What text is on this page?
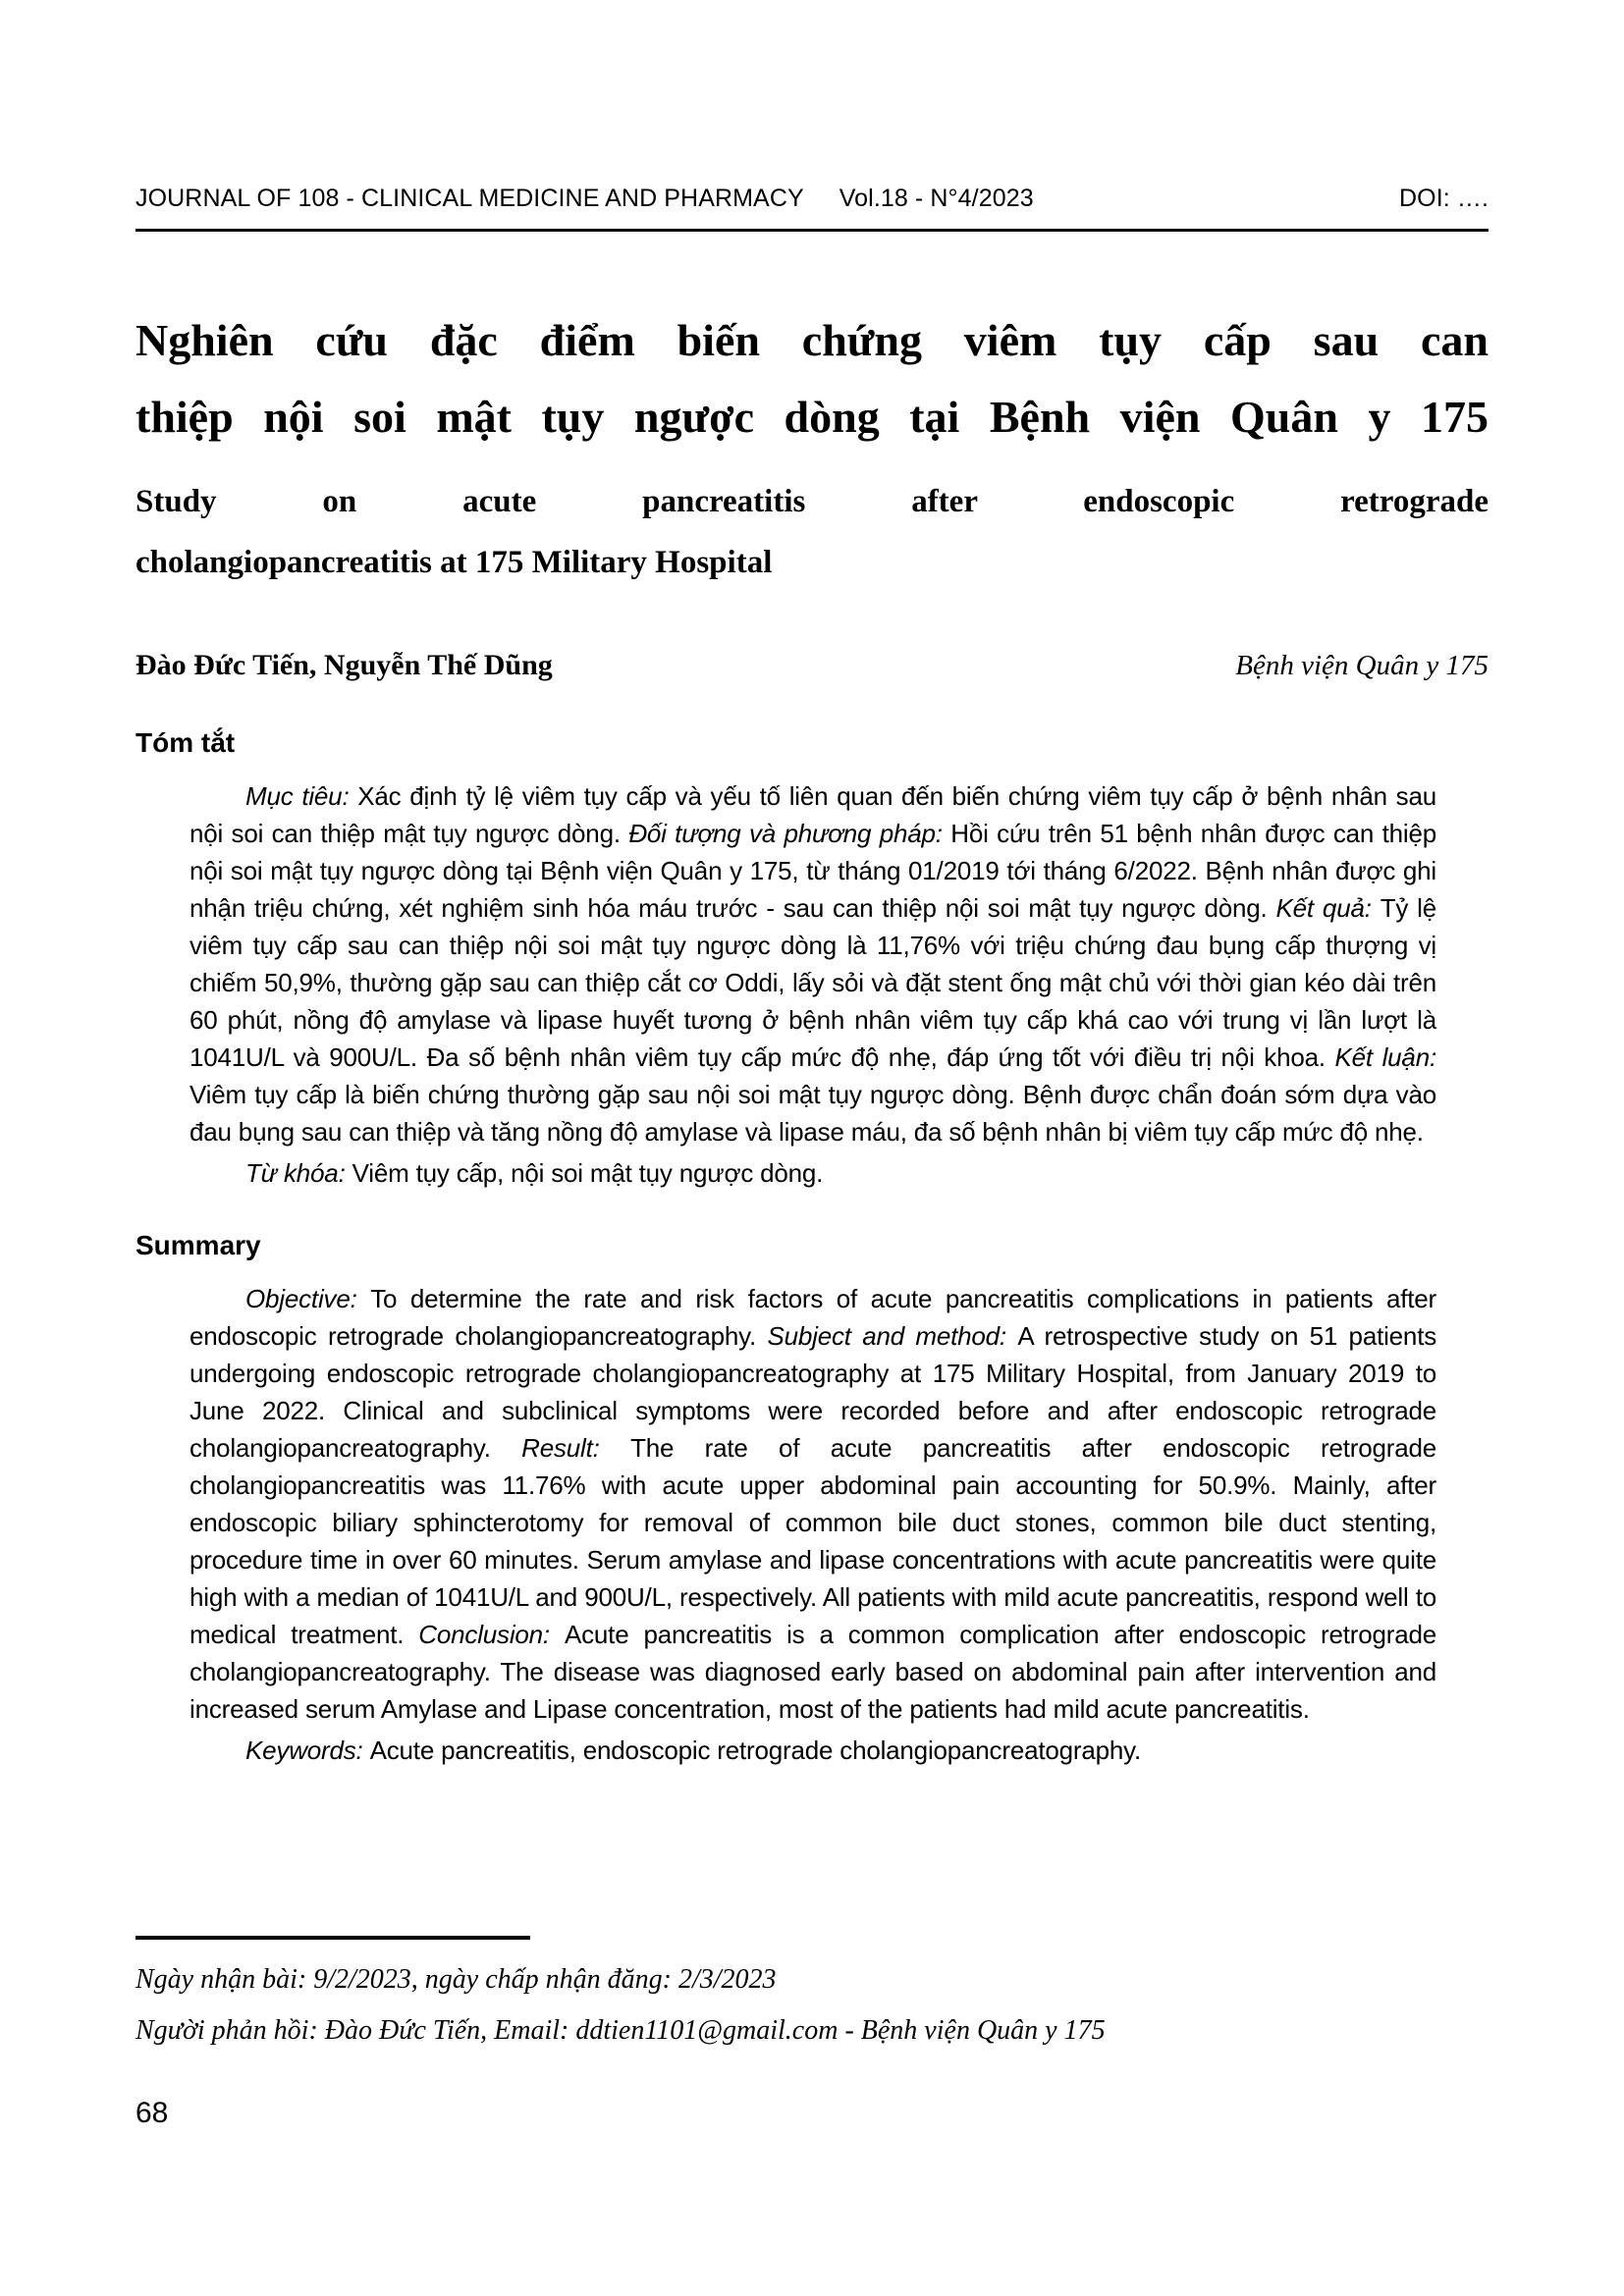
JOURNAL OF 108 - CLINICAL MEDICINE AND PHARMACY Vol.18 - N°4/2023	DOI: ….
Nghiên cứu đặc điểm biến chứng viêm tụy cấp sau can
thiệp nội soi mật tụy ngược dòng tại Bệnh viện Quân y 175
Study on acute pancreatitis after endoscopic retrograde
cholangiopancreatitis at 175 Military Hospital
Đào Đức Tiến, Nguyễn Thế Dũng	Bệnh viện Quân y 175
Tóm tắt

Mục tiêu: Xác định tỷ lệ viêm tụy cấp và yếu tố liên quan đến biến chứng viêm tụy cấp ở bệnh nhân sau nội soi can thiệp mật tụy ngược dòng. Đối tượng và phương pháp: Hồi cứu trên 51 bệnh nhân được can thiệp nội soi mật tụy ngược dòng tại Bệnh viện Quân y 175, từ tháng 01/2019 tới tháng 6/2022. Bệnh nhân được ghi nhận triệu chứng, xét nghiệm sinh hóa máu trước - sau can thiệp nội soi mật tụy ngược dòng. Kết quả: Tỷ lệ viêm tụy cấp sau can thiệp nội soi mật tụy ngược dòng là 11,76% với triệu chứng đau bụng cấp thượng vị chiếm 50,9%, thường gặp sau can thiệp cắt cơ Oddi, lấy sỏi và đặt stent ống mật chủ với thời gian kéo dài trên 60 phút, nồng độ amylase và lipase huyết tương ở bệnh nhân viêm tụy cấp khá cao với trung vị lần lượt là 1041U/L và 900U/L. Đa số bệnh nhân viêm tụy cấp mức độ nhẹ, đáp ứng tốt với điều trị nội khoa. Kết luận: Viêm tụy cấp là biến chứng thường gặp sau nội soi mật tụy ngược dòng. Bệnh được chẩn đoán sớm dựa vào đau bụng sau can thiệp và tăng nồng độ amylase và lipase máu, đa số bệnh nhân bị viêm tụy cấp mức độ nhẹ.

Từ khóa: Viêm tụy cấp, nội soi mật tụy ngược dòng.

Summary

Objective: To determine the rate and risk factors of acute pancreatitis complications in patients after endoscopic retrograde cholangiopancreatography. Subject and method: A retrospective study on 51 patients undergoing endoscopic retrograde cholangiopancreatography at 175 Military Hospital, from January 2019 to June 2022. Clinical and subclinical symptoms were recorded before and after endoscopic retrograde cholangiopancreatography. Result: The rate of acute pancreatitis after endoscopic retrograde cholangiopancreatitis was 11.76% with acute upper abdominal pain accounting for 50.9%. Mainly, after endoscopic biliary sphincterotomy for removal of common bile duct stones, common bile duct stenting, procedure time in over 60 minutes. Serum amylase and lipase concentrations with acute pancreatitis were quite high with a median of 1041U/L and 900U/L, respectively. All patients with mild acute pancreatitis, respond well to medical treatment. Conclusion: Acute pancreatitis is a common complication after endoscopic retrograde cholangiopancreatography. The disease was diagnosed early based on abdominal pain after intervention and increased serum Amylase and Lipase concentration, most of the patients had mild acute pancreatitis.

Keywords: Acute pancreatitis, endoscopic retrograde cholangiopancreatography.

Ngày nhận bài: 9/2/2023, ngày chấp nhận đăng: 2/3/2023
Người phản hồi: Đào Đức Tiến, Email: ddtien1101@gmail.com - Bệnh viện Quân y 175
68
